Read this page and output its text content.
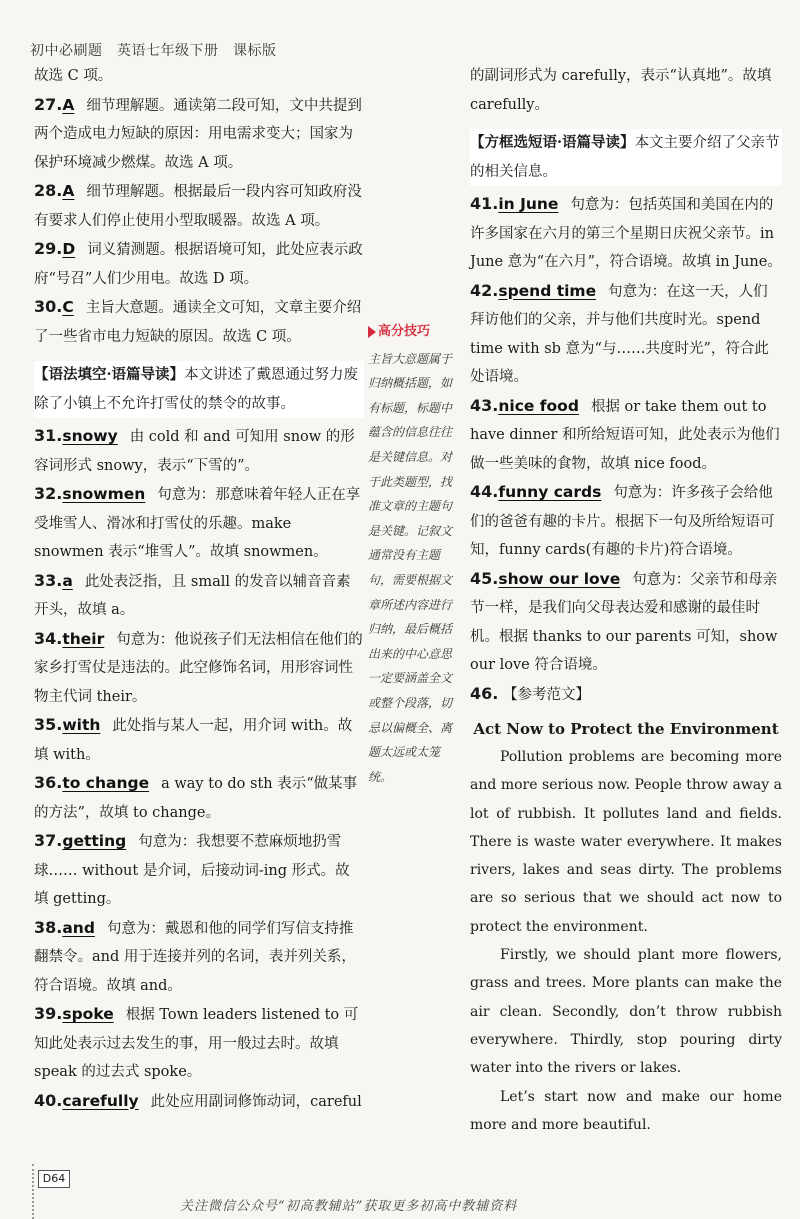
初中必刷题　英语七年级下册　课标版
故选 C 项。
27.A 细节理解题。通读第二段可知，文中共提到两个造成电力短缺的原因：用电需求变大；国家为保护环境减少燃煤。故选 A 项。
28.A 细节理解题。根据最后一段内容可知政府没有要求人们停止使用小型取暖器。故选 A 项。
29.D 词义猜测题。根据语境可知，此处应表示政府“号召”人们少用电。故选 D 项。
30.C 主旨大意题。通读全文可知，文章主要介绍了一些省市电力短缺的原因。故选 C 项。
【语法填空·语篇导读】本文讲述了戴恩通过努力废除了小镇上不允许打雪仗的禁令的故事。
31.snowy 由 cold 和 and 可知用 snow 的形容词形式 snowy，表示“下雪的”。
32.snowmen 句意为：那意味着年轻人正在享受堆雪人、滑冰和打雪仗的乐趣。make snowmen 表示“堆雪人”。故填 snowmen。
33.a 此处表泛指，且 small 的发音以辅音音素开头，故填 a。
34.their 句意为：他说孩子们无法相信在他们的家乡打雪仗是违法的。此空修饰名词，用形容词性物主代词 their。
35.with 此处指与某人一起，用介词 with。故填 with。
36.to change a way to do sth 表示“做某事的方法”，故填 to change。
37.getting 句意为：我想要不惹麻烦地扔雪球…… without 是介词，后接动词-ing 形式。故填 getting。
38.and 句意为：戴恩和他的同学们写信支持推翻禁令。and 用于连接并列的名词，表并列关系，符合语境。故填 and。
39.spoke 根据 Town leaders listened to 可知此处表示过去发生的事，用一般过去时。故填 speak 的过去式 spoke。
40.carefully 此处应用副词修饰动词，careful
高分技巧
主旨大意题属于归纳概括题，如有标题，标题中蕴含的信息往往是关键信息。对于此类题型，找准文章的主题句是关键。记叙文通常没有主题句，需要根据文章所述内容进行归纳，最后概括出来的中心意思一定要涵盖全文或整个段落，切忌以偏概全、离题太远或太笼统。
的副词形式为 carefully，表示“认真地”。故填 carefully。
【方框选短语·语篇导读】本文主要介绍了父亲节的相关信息。
41.in June 句意为：包括英国和美国在内的许多国家在六月的第三个星期日庆祝父亲节。in June 意为“在六月”，符合语境。故填 in June。
42.spend time 句意为：在这一天，人们拜访他们的父亲，并与他们共度时光。spend time with sb 意为“与……共度时光”，符合此处语境。
43.nice food 根据 or take them out to have dinner 和所给短语可知，此处表示为他们做一些美味的食物，故填 nice food。
44.funny cards 句意为：许多孩子会给他们的爸爸有趣的卡片。根据下一句及所给短语可知，funny cards(有趣的卡片)符合语境。
45.show our love 句意为：父亲节和母亲节一样，是我们向父母表达爱和感谢的最佳时机。根据 thanks to our parents 可知，show our love 符合语境。
46. 【参考范文】
Act Now to Protect the Environment

Pollution problems are becoming more and more serious now. People throw away a lot of rubbish. It pollutes land and fields. There is waste water everywhere. It makes rivers, lakes and seas dirty. The problems are so serious that we should act now to protect the environment.

Firstly, we should plant more flowers, grass and trees. More plants can make the air clean. Secondly, don’t throw rubbish everywhere. Thirdly, stop pouring dirty water into the rivers or lakes.

Let’s start now and make our home more and more beautiful.

D64
关注微信公众号“初高教辅站”获取更多初高中教辅资料
